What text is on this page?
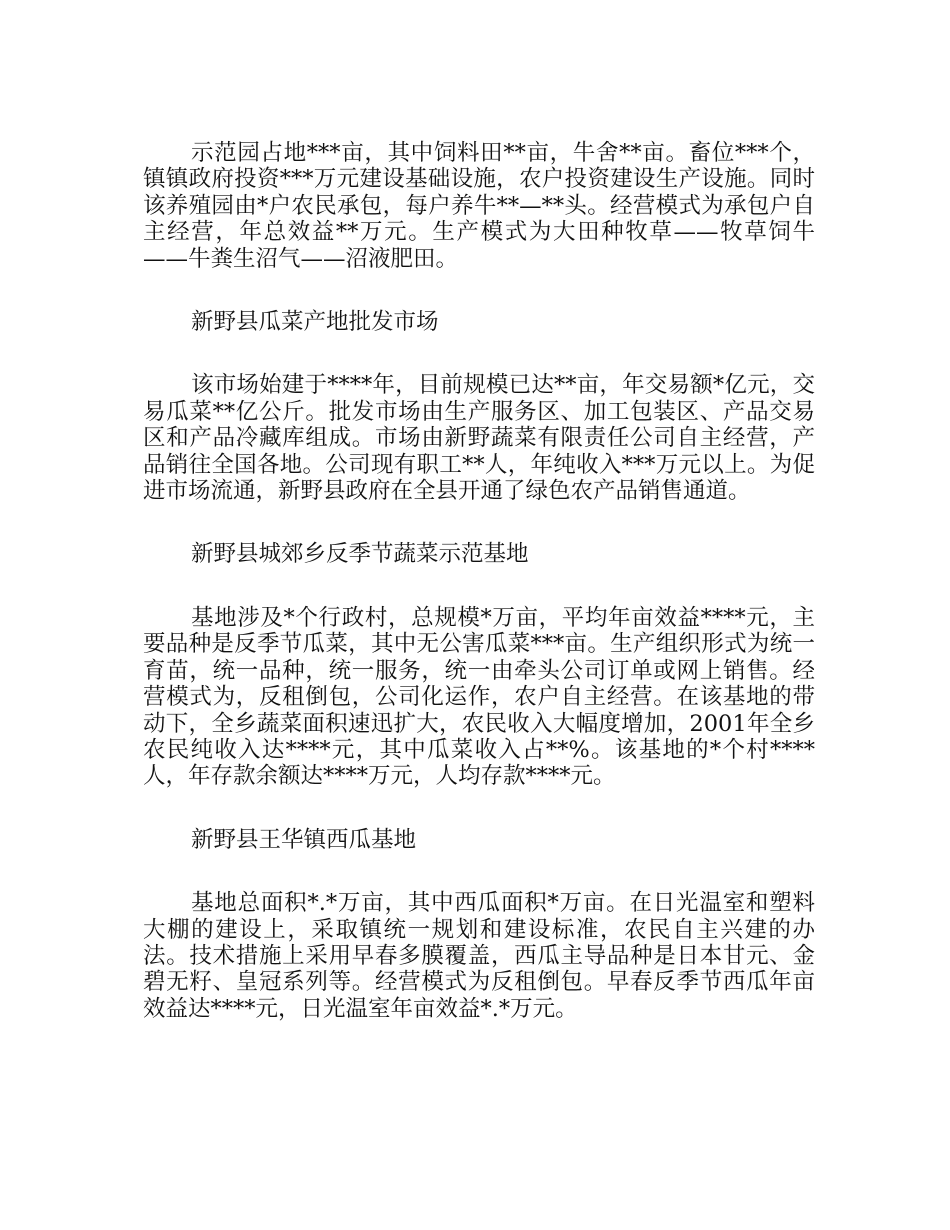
示范园占地***亩，其中饲料田**亩，牛舍**亩。畜位***个，镇镇政府投资***万元建设基础设施，农户投资建设生产设施。同时该养殖园由*户农民承包，每户养牛**—**头。经营模式为承包户自主经营，年总效益**万元。生产模式为大田种牧草——牧草饲牛——牛粪生沼气——沼液肥田。

新野县瓜菜产地批发市场

该市场始建于****年，目前规模已达**亩，年交易额*亿元，交易瓜菜**亿公斤。批发市场由生产服务区、加工包装区、产品交易区和产品冷藏库组成。市场由新野蔬菜有限责任公司自主经营，产品销往全国各地。公司现有职工**人，年纯收入***万元以上。为促进市场流通，新野县政府在全县开通了绿色农产品销售通道。

新野县城郊乡反季节蔬菜示范基地

基地涉及*个行政村，总规模*万亩，平均年亩效益****元，主要品种是反季节瓜菜，其中无公害瓜菜***亩。生产组织形式为统一育苗，统一品种，统一服务，统一由牵头公司订单或网上销售。经营模式为，反租倒包，公司化运作，农户自主经营。在该基地的带动下，全乡蔬菜面积速迅扩大，农民收入大幅度增加，2001年全乡农民纯收入达****元，其中瓜菜收入占**%。该基地的*个村****人，年存款余额达****万元，人均存款****元。

新野县王华镇西瓜基地

基地总面积*.*万亩，其中西瓜面积*万亩。在日光温室和塑料大棚的建设上，采取镇统一规划和建设标准，农民自主兴建的办法。技术措施上采用早春多膜覆盖，西瓜主导品种是日本甘元、金碧无籽、皇冠系列等。经营模式为反租倒包。早春反季节西瓜年亩效益达****元，日光温室年亩效益*.*万元。
